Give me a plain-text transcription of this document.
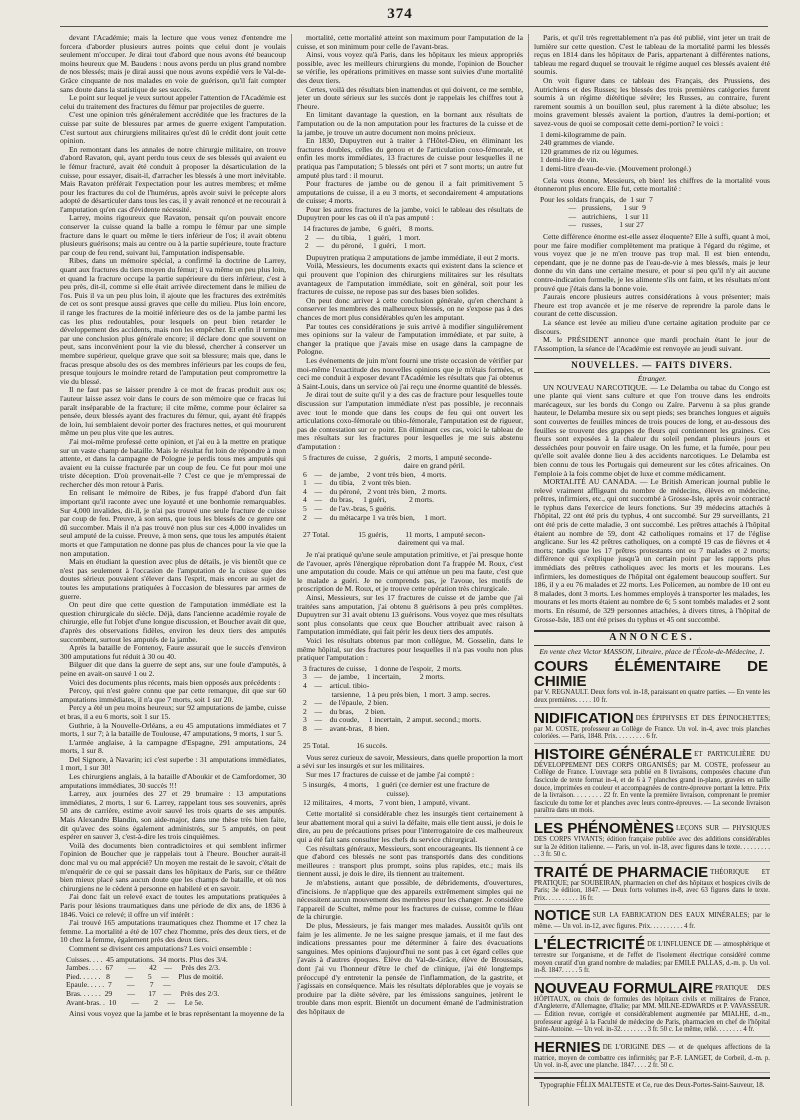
374

devant l'Académie; mais la lecture que vous venez d'entendre me forcera d'aborder plusieurs autres points que celui dont je voulais seulement m'occuper. Je dirai tout d'abord que nous avons été beaucoup moins heureux que M. Baudens : nous avons perdu un plus grand nombre de nos blessés; mais je dirai aussi que nous avons expédié vers le Val-de-Grâce cinquante de nos malades en voie de guérison, qu'il fait compter sans doute dans la statistique de ses succès.

Le point sur lequel je veux surtout appeler l'attention de l'Académie est celui du traitement des fractures du fémur par projectiles de guerre.

C'est une opinion très généralement accréditée que les fractures de la cuisse par suite de blessures par armes de guerre exigent l'amputation. C'est surtout aux chirurgiens militaires qu'est dû le crédit dont jouit cette opinion.

En remontant dans les annales de notre chirurgie militaire, on trouve d'abord Ravaton, qui, ayant perdu tous ceux de ses blessés qui avaient eu le fémur fracturé, avait été conduit à proposer la désarticulation de la cuisse, pour essayer, disait-il, d'arracher les blessés à une mort inévitable. Mais Ravaton préférait l'expectation pour les autres membres; et même pour les fractures du col de l'humérus, après avoir suivi le précepte alors adopté de désarticuler dans tous les cas, il y avait renoncé et ne recourait à l'amputation qu'en cas d'évidente nécessité.

Larrey, moins rigoureux que Ravaton, pensait qu'on pouvait encore conserver la cuisse quand la balle a rompu le fémur par une simple fracture dans le quart ou même le tiers inférieur de l'os; il avait obtenu plusieurs guérisons; mais au centre ou à la partie supérieure, toute fracture par coup de feu rend, suivant lui, l'amputation indispensable.

Ribes, dans un mémoire spécial, a confirmé la doctrine de Larrey, quant aux fractures du tiers moyen du fémur; il va même un peu plus loin, et quand la fracture occupe la partie supérieure du tiers inférieur, c'est à peu près, dit-il, comme si elle était arrivée directement dans le milieu de l'os. Puis il va un peu plus loin, il ajoute que les fractures des extrémités de cet os sont presque aussi graves que celle du milieu. Plus loin encore, il range les fractures de la moitié inférieure des os de la jambe parmi les cas les plus redoutables, pour lesquels on peut bien retarder le développement des accidents, mais non les empêcher. Et enfin il termine par une conclusion plus générale encore; il déclare donc que souvent on peut, sans inconvénient pour la vie du blessé, chercher à conserver un membre supérieur, quelque grave que soit sa blessure; mais que, dans le fracas presque absolu des os des membres inférieurs par les coups de feu, presque toujours le moindre retard de l'amputation peut compromettre la vie du blessé.

Il ne faut pas se laisser prendre à ce mot de fracas produit aux os; l'auteur laisse assez voir dans le cours de son mémoire que ce fracas lui paraît inséparable de la fracture; il cite même, comme pour éclairer sa pensée, deux blessés ayant des fractures du fémur, qui, ayant été frappés de loin, lui semblaient devoir porter des fractures nettes, et qui moururent même un peu plus vite que les autres.

J'ai moi-même professé cette opinion, et j'ai eu à la mettre en pratique sur un vaste champ de bataille. Mais le résultat fut loin de répondre à mon attente, et dans la campagne de Pologne je perdis tous mes amputés qui avaient eu la cuisse fracturée par un coup de feu. Ce fut pour moi une triste déception. D'où provenait-elle ? C'est ce que je m'empressai de rechercher dès mon retour à Paris.

En relisant le mémoire de Ribes, je fus frappé d'abord d'un fait important qu'il raconte avec une loyauté et une bonhomie remarquables. Sur 4,000 invalides, dit-il, je n'ai pas trouvé une seule fracture de cuisse par coup de feu. Preuve, à son sens, que tous les blessés de ce genre ont dû succomber. Mais il n'a pas trouvé non plus sur ces 4,000 invalides un seul amputé de la cuisse. Preuve, à mon sens, que tous les amputés étaient morts et que l'amputation ne donne pas plus de chances pour la vie que la non amputation.

Mais en étudiant la question avec plus de détails, je vis bientôt que ce n'est pas seulement à l'occasion de l'amputation de la cuisse que des doutes sérieux pouvaient s'élever dans l'esprit, mais encore au sujet de toutes les amputations pratiquées à l'occasion de blessures par armes de guerre.

On peut dire que cette question de l'amputation immédiate est la question chirurgicale du siècle. Déjà, dans l'ancienne académie royale de chirurgie, elle fut l'objet d'une longue discussion, et Boucher avait dit que, d'après des observations fidèles, environ les deux tiers des amputés succombent, surtout les amputés de la jambe.

Après la bataille de Fontenoy, Faure assurait que le succès d'environ 300 amputations fut réduit à 30 ou 40.

Bilguer dit que dans la guerre de sept ans, sur une foule d'amputés, à peine en avait-on sauvé 1 ou 2.

Voici des documents plus récents, mais bien opposés aux précédents :

Percoy, qui n'est guère connu que par cette remarque, dit que sur 60 amputations immédiates, il n'a que 7 morts, soit 1 sur 20.

Percy a été un peu moins heureux; sur 92 amputations de jambe, cuisse et bras, il a eu 6 morts, soit 1 sur 15.

Guthrie, à la Nouvelle-Orléans, a eu 45 amputations immédiates et 7 morts, 1 sur 7; à la bataille de Toulouse, 47 amputations, 9 morts, 1 sur 5.

L'armée anglaise, à la campagne d'Espagne, 291 amputations, 24 morts, 1 sur 8.

Del Signore, à Navarin; ici c'est superbe : 31 amputations immédiates, 1 mort, 1 sur 30!

Les chirurgiens anglais, à la bataille d'Aboukir et de Camfordomer, 30 amputations immédiates, 30 succès !!!

Larrey, aux journées des 27 et 29 brumaire : 13 amputations immédiates, 2 morts, 1 sur 6. Larrey, rappelant tous ses souvenirs, après 50 ans de carrière, estime avoir sauvé les trois quarts de ses amputés. Mais Alexandre Blandin, son aide-major, dans une thèse très bien faite, dit qu'avec des soins également administrés, sur 5 amputés, on peut espérer en sauver 3, c'est-à-dire les trois cinquièmes.

Voilà des documents bien contradictoires et qui semblent infirmer l'opinion de Boucher que je rappelais tout à l'heure. Boucher aurait-il donc mal vu ou mal apprécié? Un moyen me restait de le savoir, c'était de m'enquérir de ce qui se passait dans les hôpitaux de Paris, sur ce théâtre bien mieux placé sans aucun doute que les champs de bataille, et où nos chirurgiens ne le cèdent à personne en habileté et en savoir.

J'ai donc fait un relevé exact de toutes les amputations pratiquées à Paris pour lésions traumatiques dans une période de dix ans, de 1836 à 1846. Voici ce relevé; il offre un vif intérêt :

J'ai trouvé 165 amputations traumatiques chez l'homme et 17 chez la femme. La mortalité a été de 107 chez l'homme, près des deux tiers, et de 10 chez la femme, également près des deux tiers.

Comment se divisent ces amputations? Les voici ensemble :

Cuisses. . . .  45 amputations.  34 morts. Plus des 3/4.
Jambes. . . .  67        —       42    —     Près des 2/3.
Pied. . . . . .   8        —        5     —     Plus de moitié.
Epaule. . . . .  7        —        7     —
Bras. . . . . .  29        —       17    —     Près des 2/3.
Avant-bras. .  10        —        2     —     Le 5e.

Ainsi vous voyez que la jambe et le bras représentant la moyenne de la

mortalité, cette mortalité atteint son maximum pour l'amputation de la cuisse, et son minimum pour celle de l'avant-bras.

Ainsi, vous voyez qu'à Paris, dans les hôpitaux les mieux appropriés possible, avec les meilleurs chirurgiens du monde, l'opinion de Boucher se vérifie, les opérations primitives en masse sont suivies d'une mortalité des deux tiers.

Certes, voilà des résultats bien inattendus et qui doivent, ce me semble, jeter un doute sérieux sur les succès dont je rappelais les chiffres tout à l'heure.

En limitant davantage la question, en la bornant aux résultats de l'amputation ou de la non amputation pour les fractures de la cuisse et de la jambe, je trouve un autre document non moins précieux.

En 1830, Dupuytren eut à traiter à l'Hôtel-Dieu, en éliminant les fractures doubles, celles du genou et de l'articulation coxo-fémorale, et enfin les morts immédiates, 13 fractures de cuisse pour lesquelles il ne pratiqua pas l'amputation; 5 blessés ont péri et 7 sont morts; un autre fut amputé plus tard : il mourut.

Pour fractures de jambe ou de genou il a fait primitivement 5 amputations de cuisse, il a eu 3 morts, et secondairement 4 amputations de cuisse; 4 morts.

Pour les autres fractures de la jambe, voici le tableau des résultats de Dupuytren pour les cas où il n'a pas amputé :

14 fractures de jambe,    6 guéri,    8 morts.
2    —    du tibia,      1 guéri,    1 mort.
2    —    du péroné,     1 guéri,    1 mort.

Dupuytren pratiqua 2 amputations de jambe immédiate, il eut 2 morts.

Voilà, Messieurs, les documents exacts qui existent dans la science et qui prouvent que l'opinion des chirurgiens militaires sur les résultats avantageux de l'amputation immédiate, soit en général, soit pour les fractures de cuisse, ne repose pas sur des bases bien solides.

On peut donc arriver à cette conclusion générale, qu'en cherchant à conserver les membres des malheureux blessés, on ne s'expose pas à des chances de mort plus considérables qu'en les amputant.

Par toutes ces considérations je suis arrivé à modifier singulièrement mes opinions sur la valeur de l'amputation immédiate, et par suite, à changer la pratique que j'avais mise en usage dans la campagne de Pologne.

Les événements de juin m'ont fourni une triste occasion de vérifier par moi-même l'exactitude des nouvelles opinions que je m'étais formées, et ceci me conduit à exposer devant l'Académie les résultats que j'ai obtenus à Saint-Louis, dans un service où j'ai reçu une énorme quantité de blessés.

Je dirai tout de suite qu'il y a des cas de fracture pour lesquelles toute discussion sur l'amputation immédiate n'est pas possible, je reconnais avec tout le monde que dans les coups de feu qui ont ouvert les articulations coxo-fémorale ou tibio-fémorale, l'amputation est de rigueur, pas de contestation sur ce point. En éliminant ces cas, voici le tableau de mes résultats sur les fractures pour lesquelles je me suis abstenu d'amputation :

5 fractures de cuisse,    2 guéris,    2 morts, 1 amputé seconde-
daire en grand péril.
6    —    de jambe,    2 vont très bien,   4 morts.
1    —    du tibia,    2 vont très bien.
4    —    du péroné,   2 vont très bien,   2 morts.
4    —    du bras,     1 guéri,            2 morts.
5    —    de l'av.-bras, 5 guéris.
2    —    du métacarpe 1 va très bien,     1 mort.

27 Total.               15 guéris,         11 morts, 1 amputé secon-
dairement qui va mal.

Je n'ai pratiqué qu'une seule amputation primitive, et j'ai presque honte de l'avouer, après l'énergique réprobation dont l'a frappée M. Roux, c'est une amputation du coude. Mais ce qui atténue un peu ma faute, c'est que le malade a guéri. Je ne comprends pas, je l'avoue, les motifs de proscription de M. Roux, et je trouve cette opération très chirurgicale.

Ainsi, Messieurs, sur les 17 fractures de cuisse et de jambe que j'ai traitées sans amputation, j'ai obtenu 8 guérisons à peu près complètes. Dupuytren sur 31 avait obtenu 13 guérisons. Vous voyez que mes résultats sont plus consolants que ceux que Boucher attribuait avec raison à l'amputation immédiate, qui fait périr les deux tiers des amputés.

Voici les résultats obtenus par mon collègue, M. Gosselin, dans le même hôpital, sur des fractures pour lesquelles il n'a pas voulu non plus pratiquer l'amputation :

3 fractures de cuisse,    1 donne de l'espoir,  2 morts.
3    —    de jambe,    1 incertain,          2 morts.
4    —    articul. tibio-
tarsienne,   1 à peu près bien,  1 mort. 3 amp. secres.
2    —    de l'épaule,  2 bien.
2    —    du bras,      2 bien.
3    —    du coude,     1 incertain,  2 amput. second.; morts.
8    —    avant-bras,   8 bien.

25 Total.              16 succès.

Vous serez curieux de savoir, Messieurs, dans quelle proportion la mort a sévi sur les insurgés et sur les militaires.

Sur mes 17 fractures de cuisse et de jambe j'ai compté :

5 insurgés,    4 morts,    1 guéri (ce dernier est une fracture de
cuisse).
12 militaires,   4 morts,   7 vont bien, 1 amputé, vivant.

Cette mortalité si considérable chez les insurgés tient certainement à leur abattement moral qui a suivi la défaite, mais elle tient aussi, je dois le dire, au peu de précautions prises pour l'interrogatoire de ces malheureux qui a été fait sans consulter les chefs du service chirurgical.

Ces résultats généraux, Messieurs, sont encourageants. Ils tiennent à ce que d'abord ces blessés ne sont pas transportés dans des conditions meilleures : transport plus prompt, soins plus rapides, etc.; mais ils tiennent aussi, je dois le dire, ils tiennent au traitement.

Je m'abstiens, autant que possible, de débridements, d'ouvertures, d'incisions. Je n'applique que des appareils extrêmement simples qui ne nécessitent aucun mouvement des membres pour les changer. Je considère l'appareil de Scultet, même pour les fractures de cuisse, comme le fléau de la chirurgie.

De plus, Messieurs, je fais manger mes malades. Aussitôt qu'ils ont faim je les alimente. Je ne les saigne presque jamais, et il me faut des indications pressantes pour me déterminer à faire des évacuations sanguines. Mes opinions d'aujourd'hui ne sont pas à cet égard celles que j'avais à d'autres époques. Élève du Val-de-Grâce, élève de Broussais, dont j'ai vu l'honneur d'être le chef de clinique, j'ai été longtemps préoccupé d'y entretenir la pensée de l'inflammation, de la gastrite, et j'agissais en conséquence. Mais les résultats déplorables que je voyais se produire par la diète sévère, par les émissions sanguines, jetèrent le trouble dans mon esprit. Bientôt un document émané de l'administration des hôpitaux de

Paris, et qu'il très regrettablement n'a pas été publié, vint jeter un trait de lumière sur cette question. C'est le tableau de la mortalité parmi les blessés reçus en 1814 dans les hôpitaux de Paris, appartenant à différentes nations, tableau me regard duquel se trouvait le régime auquel ces blessés avaient été soumis.

On voit figurer dans ce tableau des Français, des Prussiens, des Autrichiens et des Russes; les blessés des trois premières catégories furent soumis à un régime diététique sévère; les Russes, au contraire, furent rarement soumis à un bouillon seul, plus rarement à la diète absolue; les moins gravement blessés avaient la portion, d'autres la demi-portion; et savez-vous de quoi se composait cette demi-portion? le voici :

1 demi-kilogramme de pain.
240 grammes de viande.
120 grammes de riz ou légumes.
1 demi-litre de vin.
1 demi-litre d'eau-de-vie. (Mouvement prolongé.)

Cela vous étonne, Messieurs, eh bien! les chiffres de la mortalité vous étonneront plus encore. Elle fut, cette mortalité :

Pour les soldats français,  de  1 sur  7
—   prussiens,      1 sur  9
—   autrichiens,    1 sur 11
—   russes,         1 sur 27

Cette différence énorme est-elle assez éloquente? Elle à suffi, quant à moi, pour me faire modifier complètement ma pratique à l'égard du régime, et vous voyez que je ne m'en trouve pas trop mal. Il est bien entendu, cependant, que je ne donne pas de l'eau-de-vie à mes blessés, mais je leur donne du vin dans une certaine mesure, et pour si peu qu'il n'y ait aucune contre-indication formelle, je les alimente s'ils ont faim, et les résultats m'ont prouvé que j'étais dans la bonne voie.

J'aurais encore plusieurs autres considérations à vous présenter; mais l'heure est trop avancée et je me réserve de reprendre la parole dans le courant de cette discussion.

La séance est levée au milieu d'une certaine agitation produite par ce discours.

M. le PRÉSIDENT annonce que mardi prochain étant le jour de l'Assomption, la séance de l'Académie est renvoyée au jeudi suivant.

NOUVELLES. — FAITS DIVERS.
Étranger.

UN NOUVEAU NARCOTIQUE. — Le Delamba ou tabac du Congo est une plante qui vient sans culture et que l'on trouve dans les endroits marécageux, sur les bords du Congo ou Zaïre. Parvenu à sa plus grande hauteur, le Delamba mesure six ou sept pieds; ses branches longues et aiguës sont couvertes de feuilles minces de trois pouces de long, et au-dessous des feuilles se trouvent des grappes de fleurs qui contiennent les graines. Ces fleurs sont exposées à la chaleur du soleil pendant plusieurs jours et desséchées pour pouvoir en faire usage. On les fume, et la fumée, pour peu qu'elle soit avalée donne lieu à des accidents narcotiques. Le Delamba est bien connu de tous les Portugais qui demeurent sur les côtes africaines. On l'emploie à la fois comme objet de luxe et comme médicament.

MORTALITÉ AU CANADA. — Le British American journal publie le relevé vraiment affligeant du nombre de médecins, élèves en médecine, prêtres, infirmiers, etc., qui ont succombé à Grosse-Isle, après avoir contracté le typhus dans l'exercice de leurs fonctions. Sur 39 médecins attachés à l'hôpital, 22 ont été pris du typhus, 4 ont succombé. Sur 29 surveillants, 21 ont été pris de cette maladie, 3 ont succombé. Les prêtres attachés à l'hôpital étaient au nombre de 59, dont 42 catholiques romains et 17 de l'église anglicane. Sur les 42 prêtres catholiques, on a compté 19 cas de fièvres et 4 morts; tandis que les 17 prêtres protestants ont eu 7 malades et 2 morts; différence qui s'explique jusqu'à un certain point par les rapports plus immédiats des prêtres catholiques avec les morts et les mourans. Les infirmiers, les domestiques de l'hôpital ont également beaucoup souffert. Sur 186, il y a eu 76 malades et 22 morts. Les Policemen, au nombre de 10 ont eu 8 malades, dont 3 morts. Les hommes employés à transporter les malades, les mourans et les morts étaient au nombre de 6; 5 sont tombés malades et 2 sont morts. En résumé, de 329 personnes attachées, à divers titres, à l'hôpital de Grosse-Isle, 183 ont été prises du typhus et 45 ont succombé.

ANNONCES.
En vente chez Victor MASSON, Libraire, place de l'École-de-Médecine, 1.
COURS ÉLÉMENTAIRE DE CHIMIEpar V. REGNAULT. Deux forts vol. in-18, paraissant en quatre parties. — En vente les deux premières. . . . . 10 fr.
NIDIFICATION DES ÉPIPHYSES ET DES ÉPINOCHETTES; par M. COSTE, professeur au Collège de France. Un vol. in-4, avec trois planches coloriées. — Paris, 1848. Prix. . . . . . . . . 6 fr.
HISTOIRE GÉNÉRALE ET PARTICULIÈRE DU DÉVELOPPEMENT DES CORPS ORGANISÉS; par M. COSTE, professeur au Collège de France. L'ouvrage sera publié en 8 livraisons, composées chacune d'un fascicule de texte format in-4, et de 6 à 7 planches grand in-plano, gravées en taille douce, imprimées en couleur et accompagnées de contre-épreuve portant la lettre. Prix de la livraison. . . . . . . . 22 fr. En vente la première livraison, comprenant le premier fascicule du tome Ier et planches avec leurs contre-épreuves. — La seconde livraison paraîtra dans un mois.
LES PHÉNOMÈNES LEÇONS SUR — PHYSIQUES DES CORPS VIVANTS; édition française publiée avec des additions considérables sur la 2e édition italienne. — Paris, un vol. in-18, avec figures dans le texte. . . . . . . . . . . 3 fr. 50 c.
TRAITÉ DE PHARMACIE THÉORIQUE ET PRATIQUE; par SOUBEIRAN, pharmacien en chef des hôpitaux et hospices civils de Paris; 3e édition, 1847. — Deux forts volumes in-8, avec 63 figures dans le texte. Prix. . . . . . . . . . 16 fr.
NOTICE SUR LA FABRICATION DES EAUX MINÉRALES; par le même. — Un vol. in-12, avec figures. Prix. . . . . . . . . . 4 fr.
L'ÉLECTRICITÉ DE L'INFLUENCE DE — atmosphérique et terrestre sur l'organisme, et de l'effet de l'isolement électrique considéré comme moyen curatif d'un grand nombre de maladies; par EMILE PALLAS, d.-m. p. Un vol. in-8. 1847. . . . . 5 fr.
NOUVEAU FORMULAIRE PRATIQUE DES HÔPITAUX, ou choix de formules des hôpitaux civils et militaires de France, d'Angleterre, d'Allemagne, d'Italie; par MM. MILNE-EDWARDS et P. VAVASSEUR. — Édition revue, corrigée et considérablement augmentée par MIALHE, d.-m., professeur agrégé à la Faculté de médecine de Paris, pharmacien en chef de l'hôpital Saint-Antoine. — Un vol. in-32. . . . . . . . 3 fr. 50 c. Le même, relié. . . . . . . . 4 fr.
HERNIES DE L'ORIGINE DES — et de quelques affections de la matrice, moyen de combattre ces infirmités; par P.-F. LANGET, de Corbeil, d.-m. p. Un vol. in-8, avec une planche. 1847. . . . 2 fr. 50 c.
Typographie FÉLIX MALTESTE et Ce, rue des Deux-Portes-Saint-Sauveur, 18.
